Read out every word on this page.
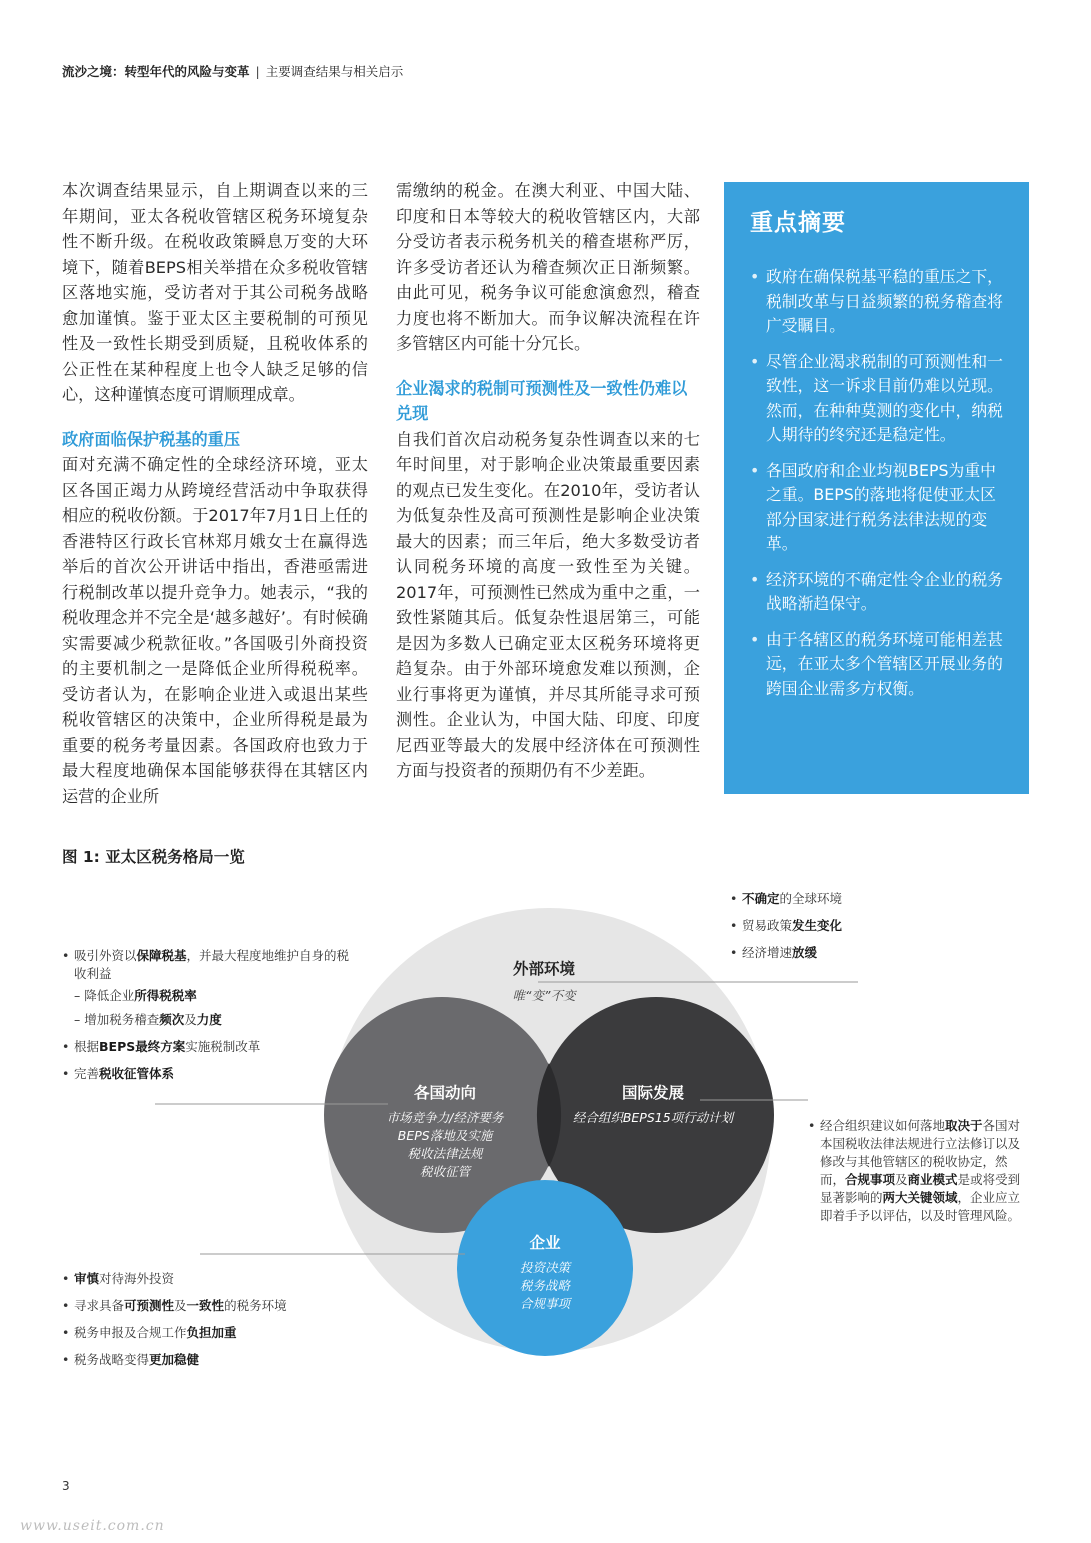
流沙之境：转型年代的风险与变革 | 主要调查结果与相关启示

本次调查结果显示，自上期调查以来的三年期间，亚太各税收管辖区税务环境复杂性不断升级。在税收政策瞬息万变的大环境下，随着BEPS相关举措在众多税收管辖区落地实施，受访者对于其公司税务战略愈加谨慎。鉴于亚太区主要税制的可预见性及一致性长期受到质疑，且税收体系的公正性在某种程度上也令人缺乏足够的信心，这种谨慎态度可谓顺理成章。

政府面临保护税基的重压

面对充满不确定性的全球经济环境，亚太区各国正竭力从跨境经营活动中争取获得相应的税收份额。于2017年7月1日上任的香港特区行政长官林郑月娥女士在赢得选举后的首次公开讲话中指出，香港亟需进行税制改革以提升竞争力。她表示，“我的税收理念并不完全是‘越多越好’。有时候确实需要减少税款征收。”各国吸引外商投资的主要机制之一是降低企业所得税税率。受访者认为，在影响企业进入或退出某些税收管辖区的决策中，企业所得税是最为重要的税务考量因素。各国政府也致力于最大程度地确保本国能够获得在其辖区内运营的企业所

需缴纳的税金。在澳大利亚、中国大陆、印度和日本等较大的税收管辖区内，大部分受访者表示税务机关的稽查堪称严厉，许多受访者还认为稽查频次正日渐频繁。由此可见，税务争议可能愈演愈烈，稽查力度也将不断加大。而争议解决流程在许多管辖区内可能十分冗长。

企业渴求的税制可预测性及一致性仍难以兑现

自我们首次启动税务复杂性调查以来的七年时间里，对于影响企业决策最重要因素的观点已发生变化。在2010年，受访者认为低复杂性及高可预测性是影响企业决策最大的因素；而三年后，绝大多数受访者认同税务环境的高度一致性至为关键。2017年，可预测性已然成为重中之重，一致性紧随其后。低复杂性退居第三，可能是因为多数人已确定亚太区税务环境将更趋复杂。由于外部环境愈发难以预测，企业行事将更为谨慎，并尽其所能寻求可预测性。企业认为，中国大陆、印度、印度尼西亚等最大的发展中经济体在可预测性方面与投资者的预期仍有不少差距。

重点摘要
• 政府在确保税基平稳的重压之下，税制改革与日益频繁的税务稽查将广受瞩目。
• 尽管企业渴求税制的可预测性和一致性，这一诉求目前仍难以兑现。然而，在种种莫测的变化中，纳税人期待的终究还是稳定性。
• 各国政府和企业均视BEPS为重中之重。BEPS的落地将促使亚太区部分国家进行税务法律法规的变革。
• 经济环境的不确定性令企业的税务战略渐趋保守。
• 由于各辖区的税务环境可能相差甚远，在亚太多个管辖区开展业务的跨国企业需多方权衡。
图 1: 亚太区税务格局一览
外部环境
唯“变”不变
各国动向
市场竞争力/经济要务
BEPS落地及实施
税收法律法规
税收征管
国际发展
经合组织BEPS15项行动计划
企业
投资决策
税务战略
合规事项
• 不确定的全球环境
• 贸易政策发生变化
• 经济增速放缓
• 吸引外资以保障税基，并最大程度地维护自身的税收利益
– 降低企业所得税税率
– 增加税务稽查频次及力度
• 根据BEPS最终方案实施税制改革
• 完善税收征管体系
• 经合组织建议如何落地取决于各国对本国税收法律法规进行立法修订以及修改与其他管辖区的税收协定，然而，合规事项及商业模式是或将受到显著影响的两大关键领域，企业应立即着手予以评估，以及时管理风险。
• 审慎对待海外投资
• 寻求具备可预测性及一致性的税务环境
• 税务申报及合规工作负担加重
• 税务战略变得更加稳健
3
www.useit.com.cn
